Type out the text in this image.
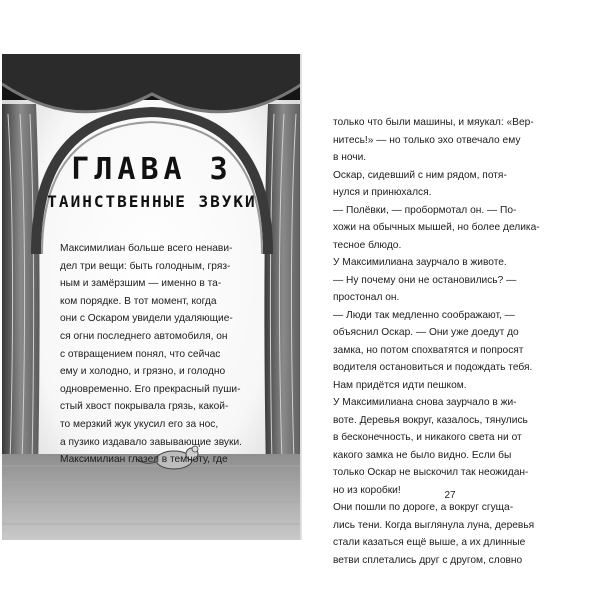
ГЛАВА 3
ТАИНСТВЕННЫЕ ЗВУКИ
Максимилиан больше всего ненави-
дел три вещи: быть голодным, гряз-
ным и замёрзшим — именно в та-
ком порядке. В тот момент, когда
они с Оскаром увидели удаляющие-
ся огни последнего автомобиля, он
с отвращением понял, что сейчас
ему и холодно, и грязно, и голодно
одновременно. Его прекрасный пуши-
стый хвост покрывала грязь, какой-
то мерзкий жук укусил его за нос,
а пузико издавало завывающие звуки.
Максимилиан глазел в темноту, где
только что были машины, и мяукал: «Вер-
нитесь!» — но только эхо отвечало ему
в ночи.
Оскар, сидевший с ним рядом, потя-
нулся и принюхался.
— Полёвки, — пробормотал он. — По-
хожи на обычных мышей, но более делика-
тесное блюдо.
У Максимилиана заурчало в животе.
— Ну почему они не остановились? —
простонал он.
— Люди так медленно соображают, —
объяснил Оскар. — Они уже доедут до
замка, но потом спохватятся и попросят
водителя остановиться и подождать тебя.
Нам придётся идти пешком.
У Максимилиана снова заурчало в жи-
воте. Деревья вокруг, казалось, тянулись
в бесконечность, и никакого света ни от
какого замка не было видно. Если бы
только Оскар не выскочил так неожидан-
но из коробки!
Они пошли по дороге, а вокруг сгуща-
лись тени. Когда выглянула луна, деревья
стали казаться ещё выше, а их длинные
ветви сплетались друг с другом, словно

27
